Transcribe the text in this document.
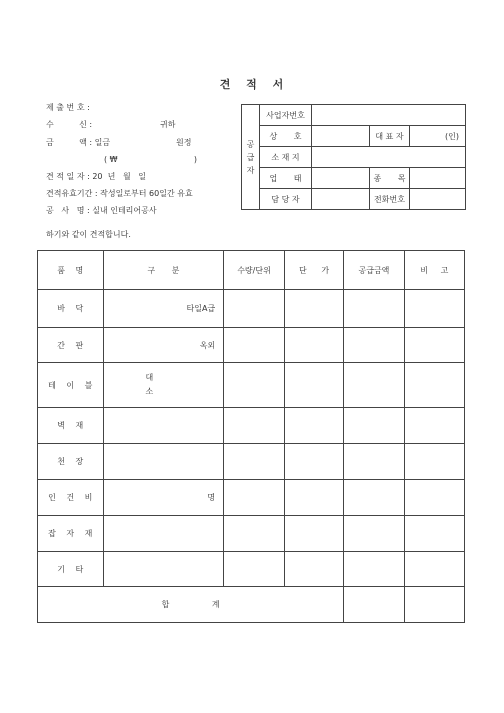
견 적 서
제 출 번 호 :
수          신 :	귀하
금          액 : 일금	원정
( ₩                              )
견 적 일 자 : 20  년   월   일
견적유효기간 : 작성일로부터 60일간 유효
공   사   명 : 실내 인테리어공사
하기와 같이 견적합니다.
공
급
자	사업자번호			
	상 호		대 표 자	(인)
	소 재 지			
	업 태		종 목	
	담 당 자		전화번호	
품 명	구 분	수량/단위	단 가	공급금액	비 고
바 닥	타일A급				
간 판	옥외				
테 이 블	대
소				
벽 재					
천 장					
인 건 비	명				
잡 자 재					
기 타					
합 계					
